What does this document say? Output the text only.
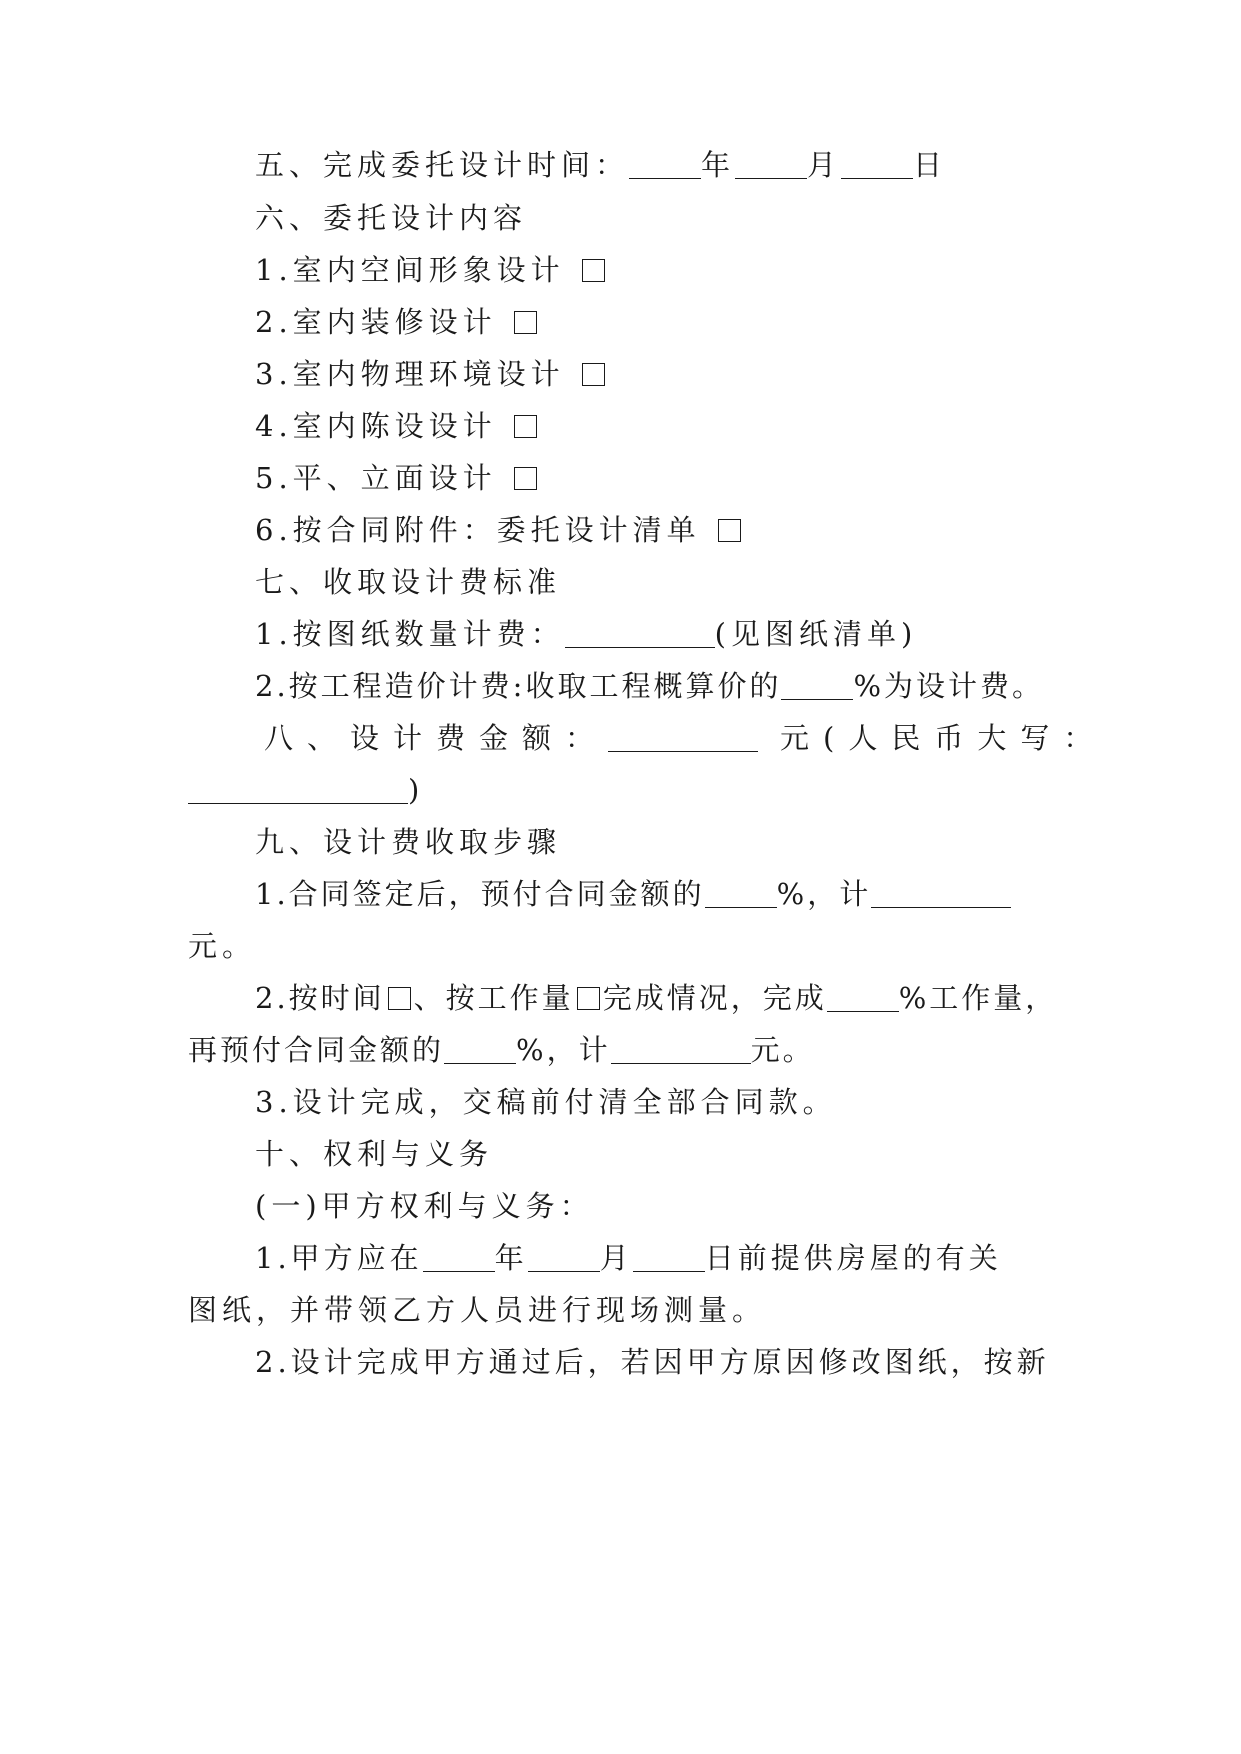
五、完成委托设计时间： 年 月 日
六、委托设计内容
1.室内空间形象设计
2.室内装修设计
3.室内物理环境设计
4.室内陈设设计
5.平、立面设计
6.按合同附件：委托设计清单
七、收取设计费标准
1.按图纸数量计费：	(见图纸清单)
2.按工程造价计费:收取工程概算价的 %为设计费。
八、设计费金额：	元(人民币大写：
)
九、设计费收取步骤
1.合同签定后，预付合同金额的 %，计
元。
2.按时间 、按工作量 完成情况，完成 %工作量，
再预付合同金额的 %，计	元。
3.设计完成，交稿前付清全部合同款。
十、权利与义务
(一)甲方权利与义务：
1.甲方应在 年 月 日前提供房屋的有关
图纸，并带领乙方人员进行现场测量。
2.设计完成甲方通过后，若因甲方原因修改图纸，按新
